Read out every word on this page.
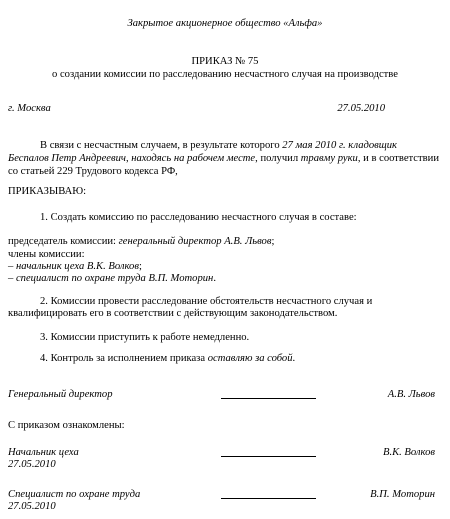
Закрытое акционерное общество «Альфа»
ПРИКАЗ № 75
о создании комиссии по расследованию несчастного случая на производстве
г. Москва	27.05.2010
В связи с несчастным случаем, в результате которого 27 мая 2010 г. кладовщик
Беспалов Петр Андреевич, находясь на рабочем месте, получил травму руки, и в соответствии
со статьей 229 Трудового кодекса РФ,
ПРИКАЗЫВАЮ:
1. Создать комиссию по расследованию несчастного случая в составе:
председатель комиссии: генеральный директор А.В. Львов;
члены комиссии:
– начальник цеха В.К. Волков;
– специалист по охране труда В.П. Моторин.
2. Комиссии провести расследование обстоятельств несчастного случая и
квалифицировать его в соответствии с действующим законодательством.
3. Комиссии приступить к работе немедленно.
4. Контроль за исполнением приказа оставляю за собой.
Генеральный директор	А.В. Львов
С приказом ознакомлены:
Начальник цеха	В.К. Волков
27.05.2010
Специалист по охране труда	В.П. Моторин
27.05.2010
